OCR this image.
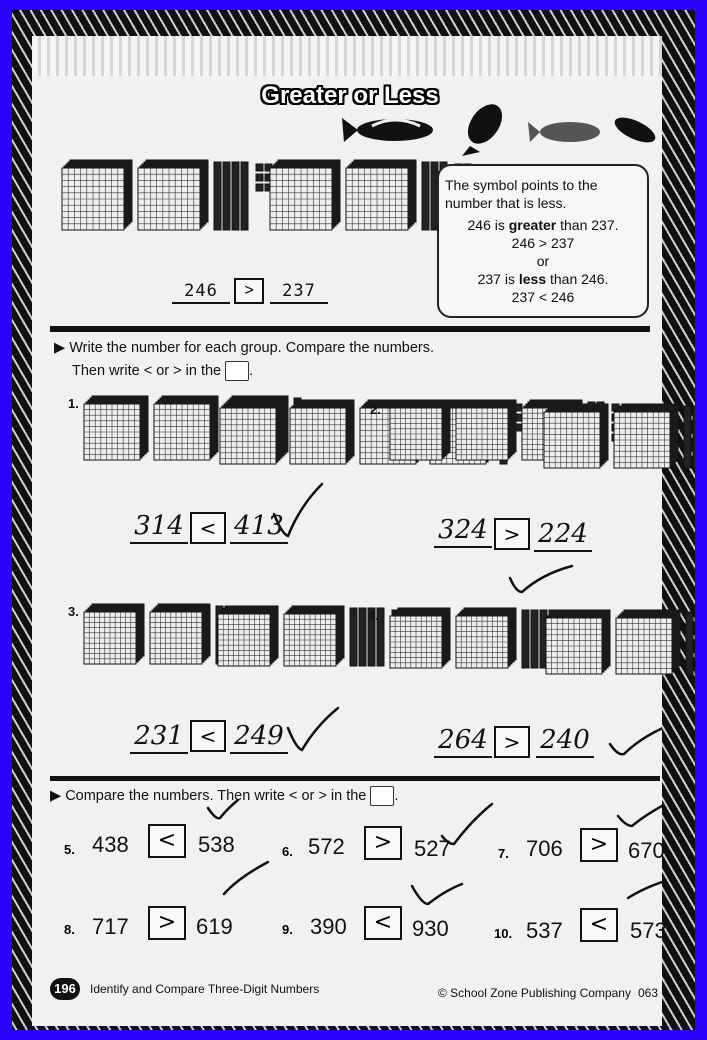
Greater or Less
246	>	237
The symbol points to the number that is less.
246 is greater than 237.
246 > 237
or
237 is less than 246.
237 < 246
▶ Write the number for each group. Compare the numbers.
Then write < or > in the .
1.
314 < 413
2.
324 > 224
3.
231 < 249
4.
264 > 240
▶ Compare the numbers. Then write < or > in the .
5. 438	< 538	6. 572	> 527	7. 706	> 670
8. 717	> 619	9. 390	< 930	10. 537	< 573
196	Identify and Compare Three-Digit Numbers	© School Zone Publishing Company 063
